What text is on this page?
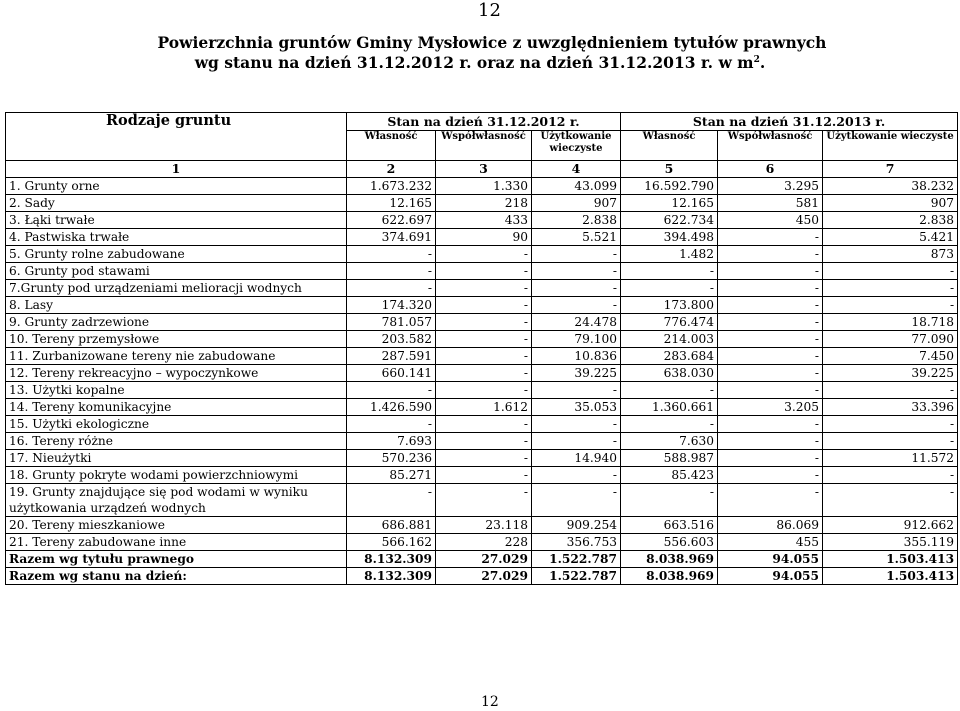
12
Powierzchnia gruntów Gminy Mysłowice z uwzględnieniem tytułów prawnych
wg stanu na dzień 31.12.2012 r. oraz na dzień 31.12.2013 r. w $m^2$.
Rodzaje gruntu	Stan na dzień 31.12.2012 r.			Stan na dzień 31.12.2013 r.		
	Własność	Współwłasność	Użytkowanie wieczyste	Własność	Współwłasność	Użytkowanie wieczyste
1	2	3	4	5	6	7
1. Grunty orne	1.673.232	1.330	43.099	16.592.790	3.295	38.232
2. Sady	12.165	218	907	12.165	581	907
3. Łąki trwałe	622.697	433	2.838	622.734	450	2.838
4. Pastwiska trwałe	374.691	90	5.521	394.498	-	5.421
5. Grunty rolne zabudowane	-	-	-	1.482	-	873
6. Grunty pod stawami	-	-	-	-	-	-
7.Grunty pod urządzeniami melioracji wodnych	-	-	-	-	-	-
8. Lasy	174.320	-	-	173.800	-	-
9. Grunty zadrzewione	781.057	-	24.478	776.474	-	18.718
10. Tereny przemysłowe	203.582	-	79.100	214.003	-	77.090
11. Zurbanizowane tereny nie zabudowane	287.591	-	10.836	283.684	-	7.450
12. Tereny rekreacyjno – wypoczynkowe	660.141	-	39.225	638.030	-	39.225
13. Użytki kopalne	-	-	-	-	-	-
14. Tereny komunikacyjne	1.426.590	1.612	35.053	1.360.661	3.205	33.396
15. Użytki ekologiczne	-	-	-	-	-	-
16. Tereny różne	7.693	-	-	7.630	-	-
17. Nieużytki	570.236	-	14.940	588.987	-	11.572
18. Grunty pokryte wodami powierzchniowymi	85.271	-	-	85.423	-	-
19. Grunty znajdujące się pod wodami w wyniku użytkowania urządzeń wodnych	-	-	-	-	-	-
20. Tereny mieszkaniowe	686.881	23.118	909.254	663.516	86.069	912.662
21. Tereny zabudowane inne	566.162	228	356.753	556.603	455	355.119
Razem wg tytułu prawnego	8.132.309	27.029	1.522.787	8.038.969	94.055	1.503.413
Razem wg stanu na dzień:	8.132.309	27.029	1.522.787	8.038.969	94.055	1.503.413
12
